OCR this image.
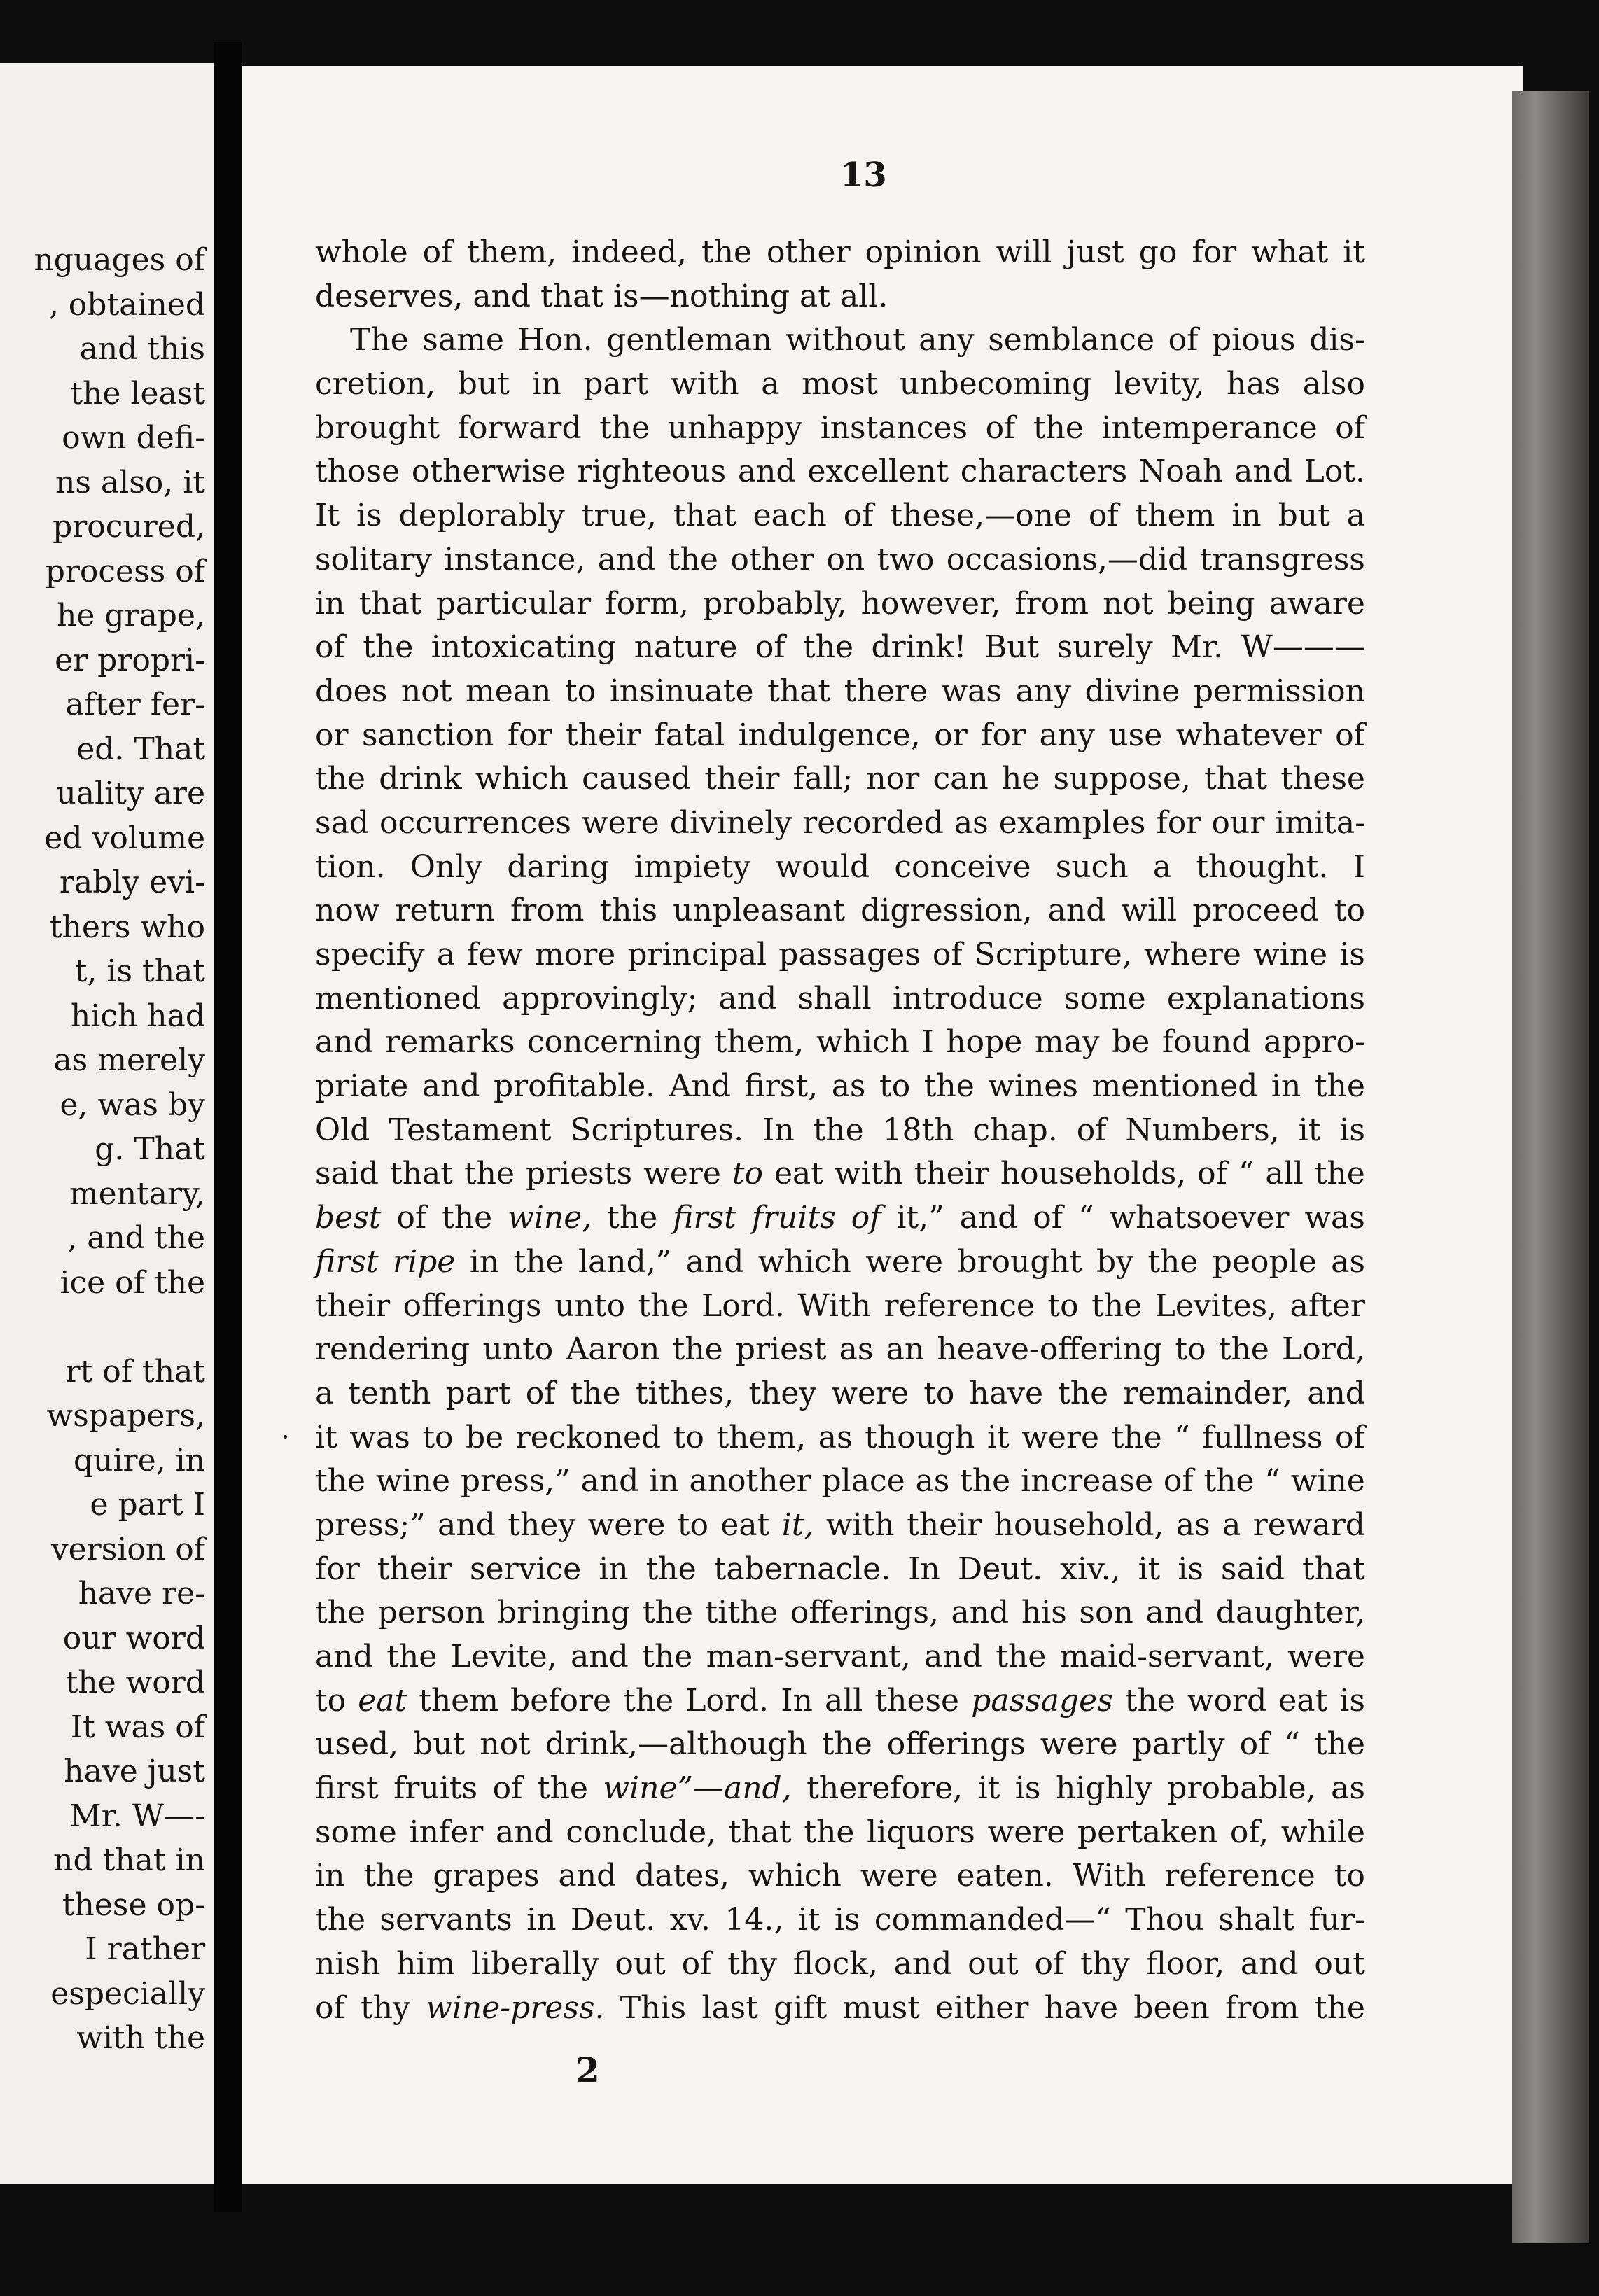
nguages of
, obtained
and this
the least
own defi-
ns also, it
procured,
process of
he grape,
er propri-
after fer-
ed. That
uality are
ed volume
rably evi-
thers who
t, is that
hich had
as merely
e, was by
g. That
mentary,
, and the
ice of the
rt of that
wspapers,
quire, in
e part I
version of
have re-
our word
the word
It was of
have just
Mr. W—-
nd that in
these op-
I rather
especially
with the
13
whole of them, indeed, the other opinion will just go for what it
deserves, and that is—nothing at all.
The same Hon. gentleman without any semblance of pious dis-
cretion, but in part with a most unbecoming levity, has also
brought forward the unhappy instances of the intemperance of
those otherwise righteous and excellent characters Noah and Lot.
It is deplorably true, that each of these,—one of them in but a
solitary instance, and the other on two occasions,—did transgress
in that particular form, probably, however, from not being aware
of the intoxicating nature of the drink! But surely Mr. W———
does not mean to insinuate that there was any divine permission
or sanction for their fatal indulgence, or for any use whatever of
the drink which caused their fall; nor can he suppose, that these
sad occurrences were divinely recorded as examples for our imita-
tion. Only daring impiety would conceive such a thought. I
now return from this unpleasant digression, and will proceed to
specify a few more principal passages of Scripture, where wine is
mentioned approvingly; and shall introduce some explanations
and remarks concerning them, which I hope may be found appro-
priate and profitable. And first, as to the wines mentioned in the
Old Testament Scriptures. In the 18th chap. of Numbers, it is
said that the priests were to eat with their households, of “ all the
best of the wine, the first fruits of it,” and of “ whatsoever was
first ripe in the land,” and which were brought by the people as
their offerings unto the Lord. With reference to the Levites, after
rendering unto Aaron the priest as an heave-offering to the Lord,
a tenth part of the tithes, they were to have the remainder, and
it was to be reckoned to them, as though it were the “ fullness of
the wine press,” and in another place as the increase of the “ wine
press;” and they were to eat it, with their household, as a reward
for their service in the tabernacle. In Deut. xiv., it is said that
the person bringing the tithe offerings, and his son and daughter,
and the Levite, and the man-servant, and the maid-servant, were
to eat them before the Lord. In all these passages the word eat is
used, but not drink,—although the offerings were partly of “ the
first fruits of the wine”—and, therefore, it is highly probable, as
some infer and conclude, that the liquors were pertaken of, while
in the grapes and dates, which were eaten. With reference to
the servants in Deut. xv. 14., it is commanded—“ Thou shalt fur-
nish him liberally out of thy flock, and out of thy floor, and out
of thy wine-press. This last gift must either have been from the
2
